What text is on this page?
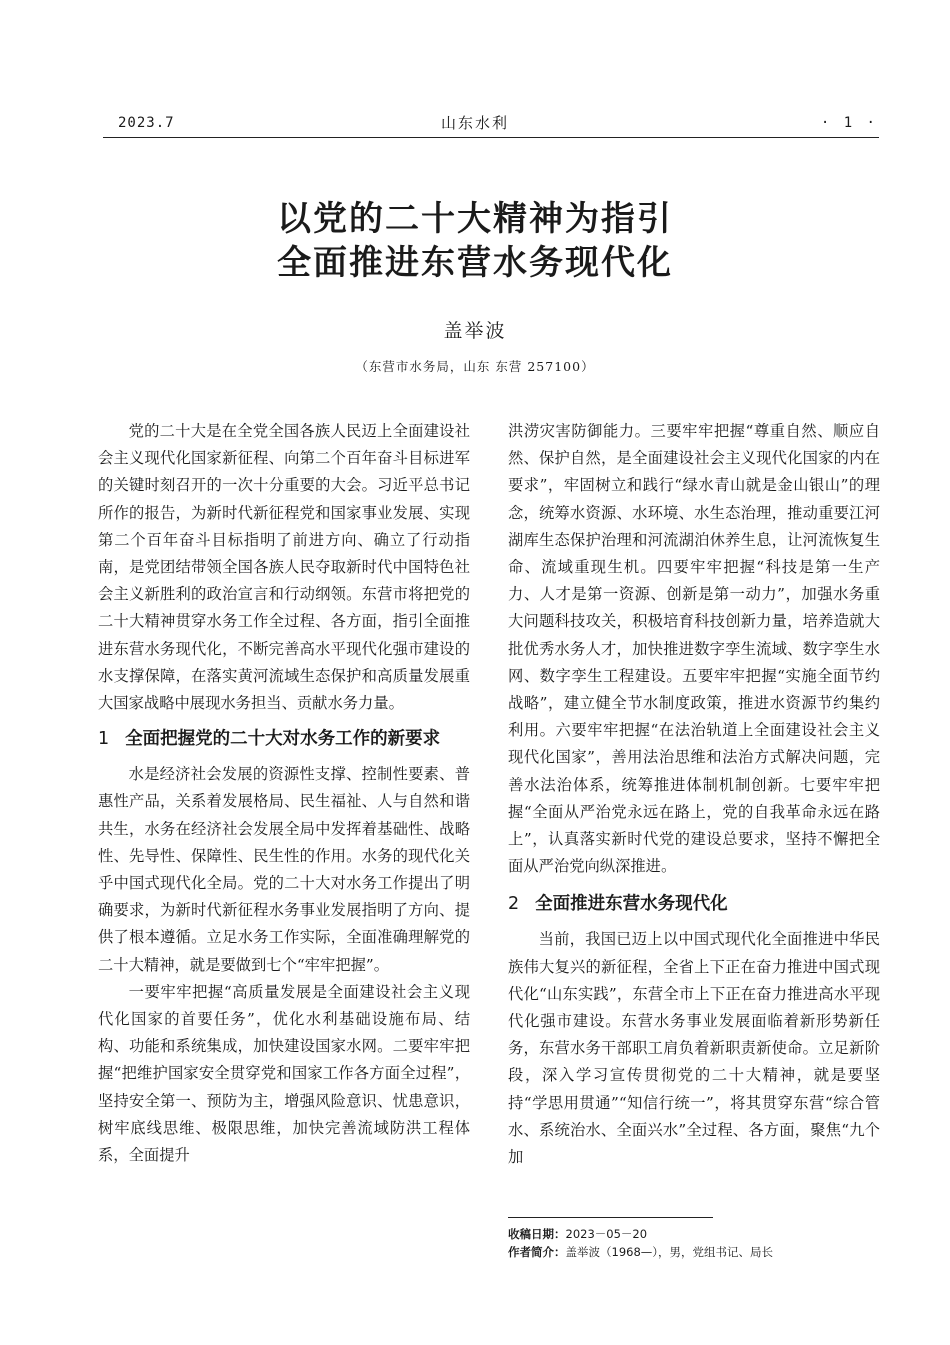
2023.7	山东水利	· 1 ·
以党的二十大精神为指引
全面推进东营水务现代化
盖举波
（东营市水务局，山东 东营 257100）

党的二十大是在全党全国各族人民迈上全面建设社会主义现代化国家新征程、向第二个百年奋斗目标进军的关键时刻召开的一次十分重要的大会。习近平总书记所作的报告，为新时代新征程党和国家事业发展、实现第二个百年奋斗目标指明了前进方向、确立了行动指南，是党团结带领全国各族人民夺取新时代中国特色社会主义新胜利的政治宣言和行动纲领。东营市将把党的二十大精神贯穿水务工作全过程、各方面，指引全面推进东营水务现代化，不断完善高水平现代化强市建设的水支撑保障，在落实黄河流域生态保护和高质量发展重大国家战略中展现水务担当、贡献水务力量。

1 全面把握党的二十大对水务工作的新要求

水是经济社会发展的资源性支撑、控制性要素、普惠性产品，关系着发展格局、民生福祉、人与自然和谐共生，水务在经济社会发展全局中发挥着基础性、战略性、先导性、保障性、民生性的作用。水务的现代化关乎中国式现代化全局。党的二十大对水务工作提出了明确要求，为新时代新征程水务事业发展指明了方向、提供了根本遵循。立足水务工作实际，全面准确理解党的二十大精神，就是要做到七个“牢牢把握”。

一要牢牢把握“高质量发展是全面建设社会主义现代化国家的首要任务”，优化水利基础设施布局、结构、功能和系统集成，加快建设国家水网。二要牢牢把握“把维护国家安全贯穿党和国家工作各方面全过程”，坚持安全第一、预防为主，增强风险意识、忧患意识，树牢底线思维、极限思维，加快完善流域防洪工程体系，全面提升

洪涝灾害防御能力。三要牢牢把握“尊重自然、顺应自然、保护自然，是全面建设社会主义现代化国家的内在要求”，牢固树立和践行“绿水青山就是金山银山”的理念，统筹水资源、水环境、水生态治理，推动重要江河湖库生态保护治理和河流湖泊休养生息，让河流恢复生命、流域重现生机。四要牢牢把握“科技是第一生产力、人才是第一资源、创新是第一动力”，加强水务重大问题科技攻关，积极培育科技创新力量，培养造就大批优秀水务人才，加快推进数字孪生流域、数字孪生水网、数字孪生工程建设。五要牢牢把握“实施全面节约战略”，建立健全节水制度政策，推进水资源节约集约利用。六要牢牢把握“在法治轨道上全面建设社会主义现代化国家”，善用法治思维和法治方式解决问题，完善水法治体系，统筹推进体制机制创新。七要牢牢把握“全面从严治党永远在路上，党的自我革命永远在路上”，认真落实新时代党的建设总要求，坚持不懈把全面从严治党向纵深推进。

2 全面推进东营水务现代化

当前，我国已迈上以中国式现代化全面推进中华民族伟大复兴的新征程，全省上下正在奋力推进中国式现代化“山东实践”，东营全市上下正在奋力推进高水平现代化强市建设。东营水务事业发展面临着新形势新任务，东营水务干部职工肩负着新职责新使命。立足新阶段，深入学习宣传贯彻党的二十大精神，就是要坚持“学思用贯通”“知信行统一”，将其贯穿东营“综合管水、系统治水、全面兴水”全过程、各方面，聚焦“九个加

收稿日期：2023－05－20
作者简介：盖举波（1968—），男，党组书记、局长
